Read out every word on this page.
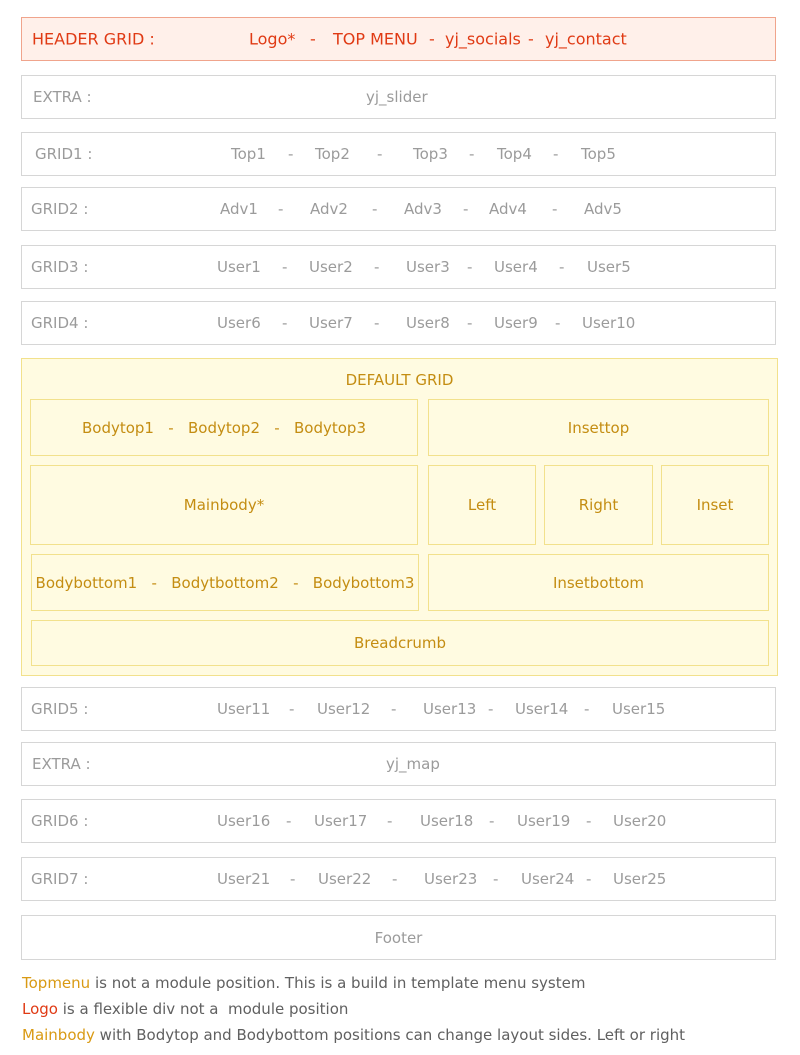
HEADER GRID :	Logo* - TOP MENU - yj_socials - yj_contact
EXTRA :	yj_slider
GRID1 :	Top1 - Top2 - Top3 - Top4 - Top5
GRID2 :	Adv1 - Adv2 - Adv3 - Adv4 - Adv5
GRID3 :	User1 - User2 - User3 - User4 - User5
GRID4 :	User6 - User7 - User8 - User9 - User10
DEFAULT GRID
Bodytop1   -   Bodytop2   -   Bodytop3	Insettop
Mainbody*	Left	Right	Inset
Bodybottom1   -   Bodytbottom2   -   Bodybottom3	Insetbottom
Breadcrumb
GRID5 :	User11 - User12 - User13 - User14 - User15
EXTRA :	yj_map
GRID6 :	User16 - User17 - User18 - User19 - User20
GRID7 :	User21 - User22 - User23 - User24 - User25
Footer
Topmenu is not a module position. This is a build in template menu system
Logo is a flexible div not a  module position
Mainbody with Bodytop and Bodybottom positions can change layout sides. Left or right
